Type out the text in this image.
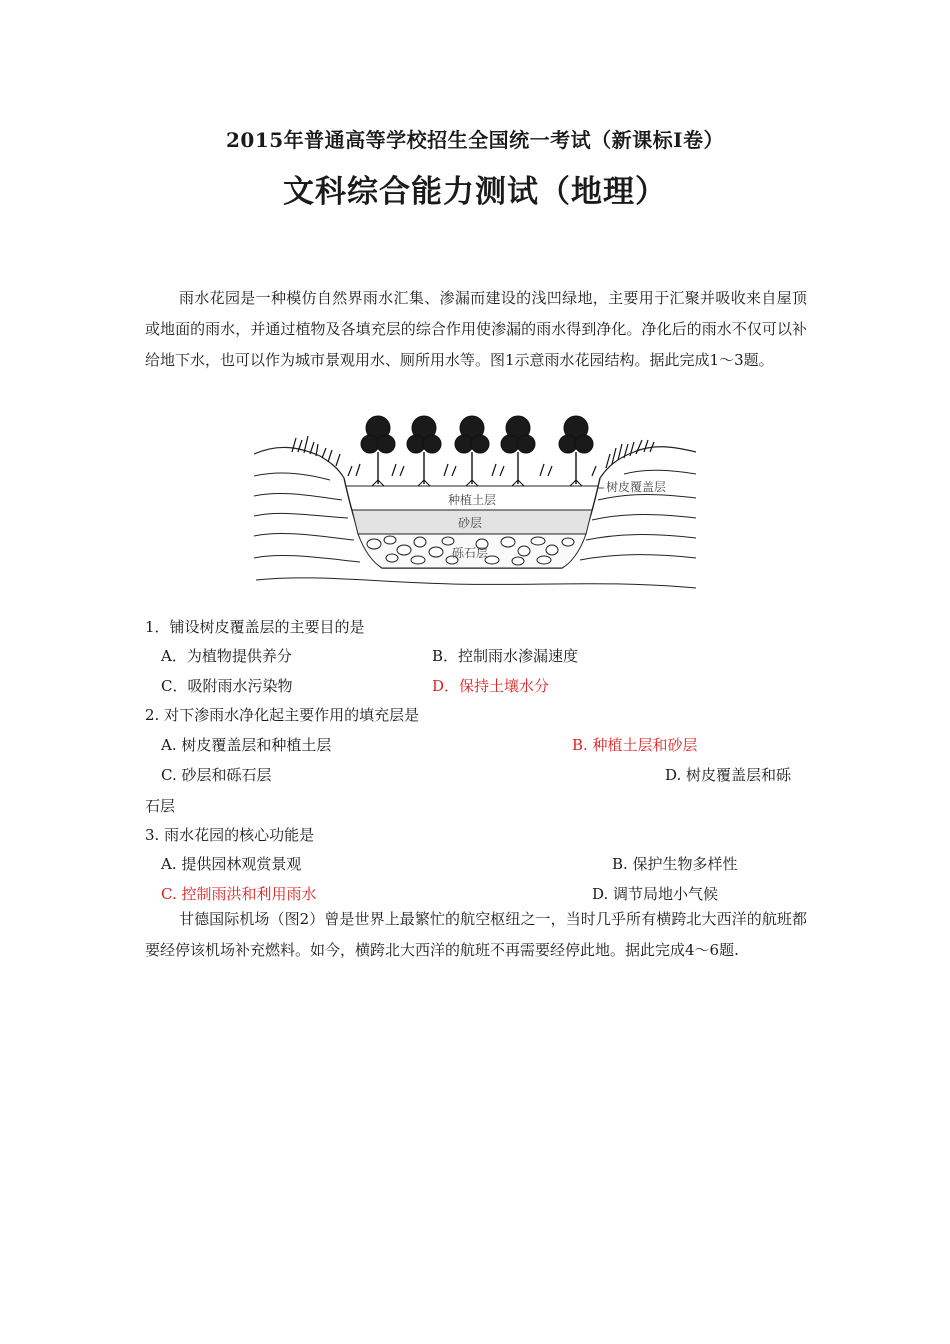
2015年普通高等学校招生全国统一考试（新课标Ⅰ卷）
文科综合能力测试（地理）
雨水花园是一种模仿自然界雨水汇集、渗漏而建设的浅凹绿地，主要用于汇聚并吸收来自屋顶或地面的雨水，并通过植物及各填充层的综合作用使渗漏的雨水得到净化。净化后的雨水不仅可以补给地下水，也可以作为城市景观用水、厕所用水等。图1示意雨水花园结构。据此完成1～3题。
树皮覆盖层
种植土层
砂层
砾石层
1．铺设树皮覆盖层的主要目的是
A．为植物提供养分	B．控制雨水渗漏速度
C．吸附雨水污染物	D．保持土壤水分
2. 对下渗雨水净化起主要作用的填充层是
A. 树皮覆盖层和种植土层	B. 种植土层和砂层
C. 砂层和砾石层	D. 树皮覆盖层和砾
石层
3. 雨水花园的核心功能是
A. 提供园林观赏景观	B. 保护生物多样性
C. 控制雨洪和利用雨水	D. 调节局地小气候
甘德国际机场（图2）曾是世界上最繁忙的航空枢纽之一，当时几乎所有横跨北大西洋的航班都要经停该机场补充燃料。如今，横跨北大西洋的航班不再需要经停此地。据此完成4～6题.
